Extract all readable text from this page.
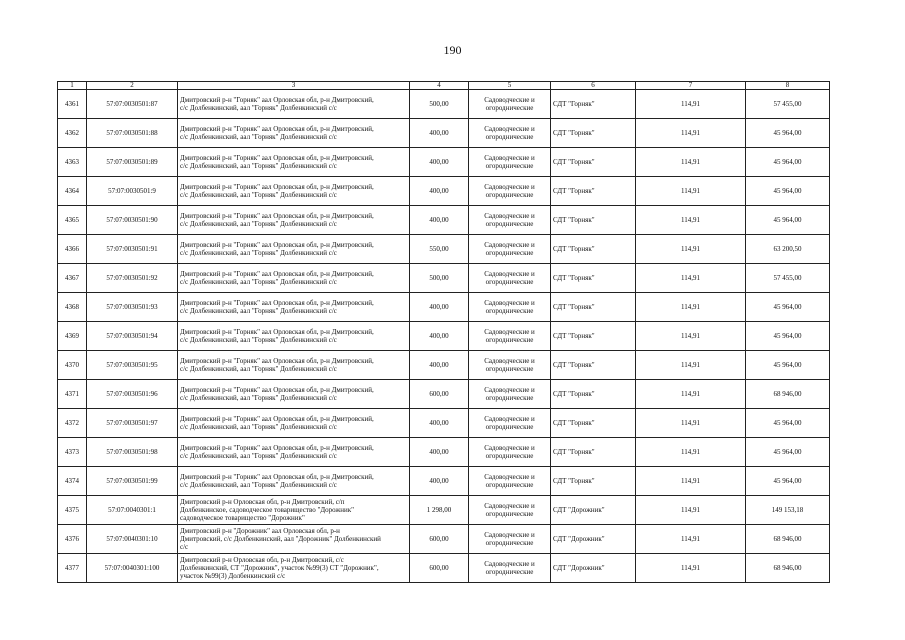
190
1	2	3	4	5	6	7	8
4361	57:07:0030501:87	Дмитровский р-н "Горняк" аал Орловская обл, р-н Дмитровский,
с/с Долбенкинский, аал "Горняк" Долбенкинский с/с	500,00	Садоводческие и
огороднические	СДТ "Горняк"	114,91	57 455,00
4362	57:07:0030501:88	Дмитровский р-н "Горняк" аал Орловская обл, р-н Дмитровский,
с/с Долбенкинский, аал "Горняк" Долбенкинский с/с	400,00	Садоводческие и
огороднические	СДТ "Горняк"	114,91	45 964,00
4363	57:07:0030501:89	Дмитровский р-н "Горняк" аал Орловская обл, р-н Дмитровский,
с/с Долбенкинский, аал "Горняк" Долбенкинский с/с	400,00	Садоводческие и
огороднические	СДТ "Горняк"	114,91	45 964,00
4364	57:07:0030501:9	Дмитровский р-н "Горняк" аал Орловская обл, р-н Дмитровский,
с/с Долбенкинский, аал "Горняк" Долбенкинский с/с	400,00	Садоводческие и
огороднические	СДТ "Горняк"	114,91	45 964,00
4365	57:07:0030501:90	Дмитровский р-н "Горняк" аал Орловская обл, р-н Дмитровский,
с/с Долбенкинский, аал "Горняк" Долбенкинский с/с	400,00	Садоводческие и
огороднические	СДТ "Горняк"	114,91	45 964,00
4366	57:07:0030501:91	Дмитровский р-н "Горняк" аал Орловская обл, р-н Дмитровский,
с/с Долбенкинский, аал "Горняк" Долбенкинский с/с	550,00	Садоводческие и
огороднические	СДТ "Горняк"	114,91	63 200,50
4367	57:07:0030501:92	Дмитровский р-н "Горняк" аал Орловская обл, р-н Дмитровский,
с/с Долбенкинский, аал "Горняк" Долбенкинский с/с	500,00	Садоводческие и
огороднические	СДТ "Горняк"	114,91	57 455,00
4368	57:07:0030501:93	Дмитровский р-н "Горняк" аал Орловская обл, р-н Дмитровский,
с/с Долбенкинский, аал "Горняк" Долбенкинский с/с	400,00	Садоводческие и
огороднические	СДТ "Горняк"	114,91	45 964,00
4369	57:07:0030501:94	Дмитровский р-н "Горняк" аал Орловская обл, р-н Дмитровский,
с/с Долбенкинский, аал "Горняк" Долбенкинский с/с	400,00	Садоводческие и
огороднические	СДТ "Горняк"	114,91	45 964,00
4370	57:07:0030501:95	Дмитровский р-н "Горняк" аал Орловская обл, р-н Дмитровский,
с/с Долбенкинский, аал "Горняк" Долбенкинский с/с	400,00	Садоводческие и
огороднические	СДТ "Горняк"	114,91	45 964,00
4371	57:07:0030501:96	Дмитровский р-н "Горняк" аал Орловская обл, р-н Дмитровский,
с/с Долбенкинский, аал "Горняк" Долбенкинский с/с	600,00	Садоводческие и
огороднические	СДТ "Горняк"	114,91	68 946,00
4372	57:07:0030501:97	Дмитровский р-н "Горняк" аал Орловская обл, р-н Дмитровский,
с/с Долбенкинский, аал "Горняк" Долбенкинский с/с	400,00	Садоводческие и
огороднические	СДТ "Горняк"	114,91	45 964,00
4373	57:07:0030501:98	Дмитровский р-н "Горняк" аал Орловская обл, р-н Дмитровский,
с/с Долбенкинский, аал "Горняк" Долбенкинский с/с	400,00	Садоводческие и
огороднические	СДТ "Горняк"	114,91	45 964,00
4374	57:07:0030501:99	Дмитровский р-н "Горняк" аал Орловская обл, р-н Дмитровский,
с/с Долбенкинский, аал "Горняк" Долбенкинский с/с	400,00	Садоводческие и
огороднические	СДТ "Горняк"	114,91	45 964,00
4375	57:07:0040301:1	Дмитровский р-н Орловская обл, р-н Дмитровский, с/п
Долбенкинское, садоводческое товарищество "Дорожник"
садоводческое товарищество "Дорожник"	1 298,00	Садоводческие и
огороднические	СДТ "Дорожник"	114,91	149 153,18
4376	57:07:0040301:10	Дмитровский р-н "Дорожник" аал Орловская обл, р-н
Дмитровский, с/с Долбенкинский, аал "Дорожник" Долбенкинский
с/с	600,00	Садоводческие и
огороднические	СДТ "Дорожник"	114,91	68 946,00
4377	57:07:0040301:100	Дмитровский р-н Орловская обл, р-н Дмитровский, с/с
Долбенкинский, СТ "Дорожник", участок №99(3) СТ "Дорожник",
участок №99(3) Долбенкинский с/с	600,00	Садоводческие и
огороднические	СДТ "Дорожник"	114,91	68 946,00
